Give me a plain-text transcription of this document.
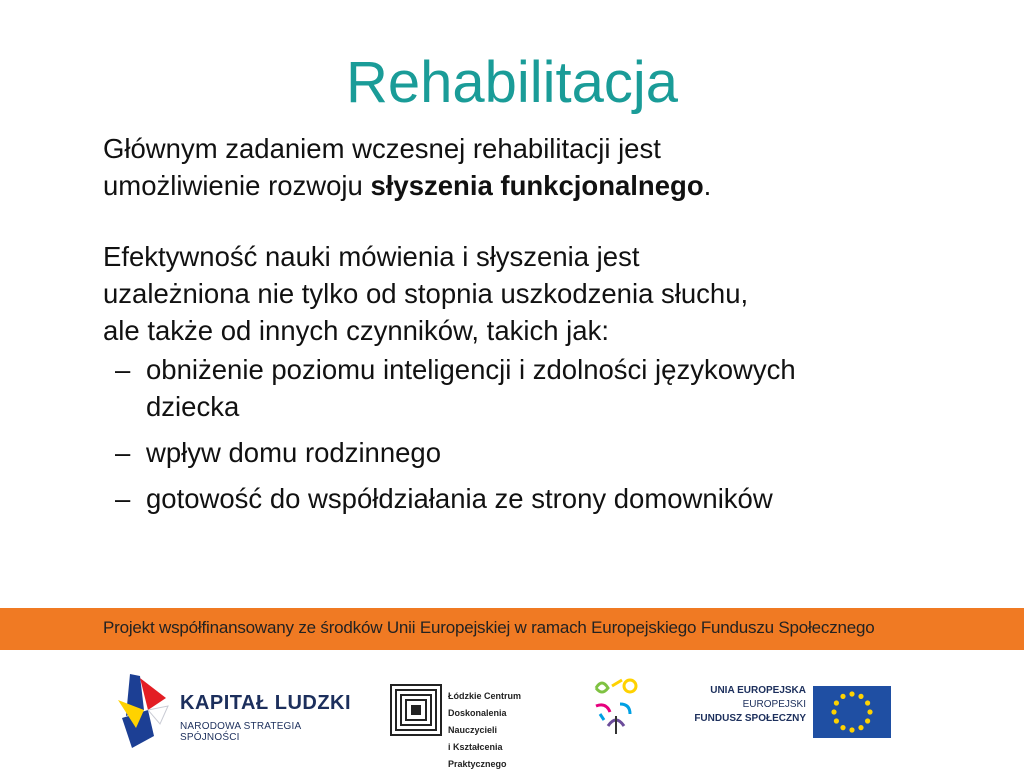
Rehabilitacja

Głównym zadaniem wczesnej rehabilitacji jest umożliwienie rozwoju słyszenia funkcjonalnego.

Efektywność nauki mówienia i słyszenia jest
uzależniona nie tylko od stopnia uszkodzenia słuchu,
ale także od innych czynników, takich jak:

– obniżenie poziomu inteligencji i zdolności językowych dziecka
– wpływ domu rodzinnego
– gotowość do współdziałania ze strony domowników
Projekt współfinansowany ze środków Unii Europejskiej w ramach Europejskiego Funduszu Społecznego
KAPITAŁ LUDZKI
NARODOWA STRATEGIA SPÓJNOŚCI
Łódzkie Centrum
Doskonalenia Nauczycieli
i Kształcenia Praktycznego
UNIA EUROPEJSKA
EUROPEJSKI
FUNDUSZ SPOŁECZNY
